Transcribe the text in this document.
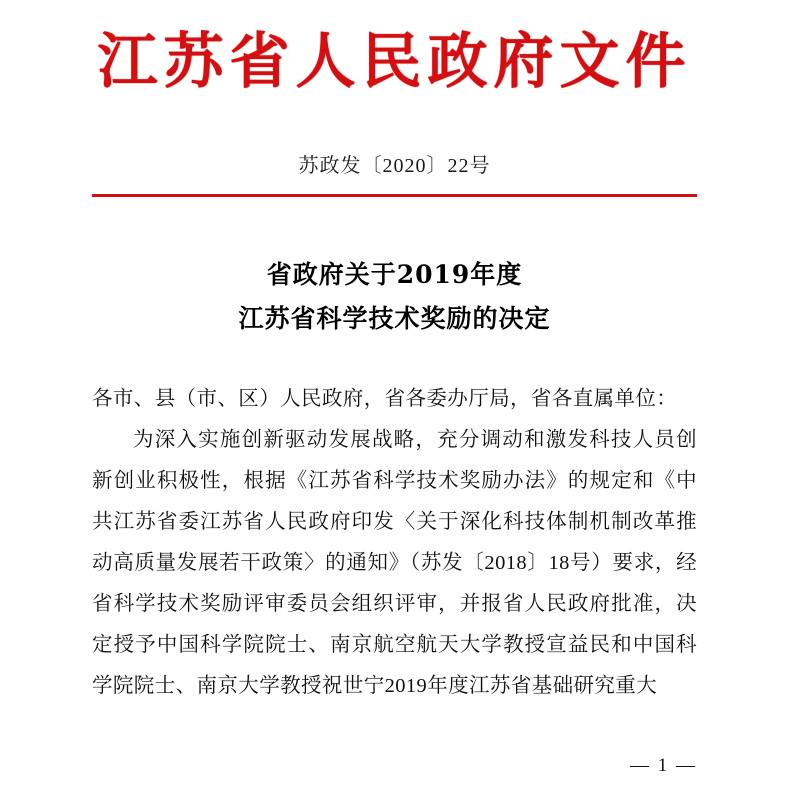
江苏省人民政府文件
苏政发〔2020〕22号
省政府关于2019年度
江苏省科学技术奖励的决定

各市、县（市、区）人民政府，省各委办厅局，省各直属单位：

为深入实施创新驱动发展战略，充分调动和激发科技人员创新创业积极性，根据《江苏省科学技术奖励办法》的规定和《中共江苏省委江苏省人民政府印发〈关于深化科技体制机制改革推动高质量发展若干政策〉的通知》（苏发〔2018〕18号）要求，经省科学技术奖励评审委员会组织评审，并报省人民政府批准，决定授予中国科学院院士、南京航空航天大学教授宣益民和中国科学院院士、南京大学教授祝世宁2019年度江苏省基础研究重大

— 1 —
